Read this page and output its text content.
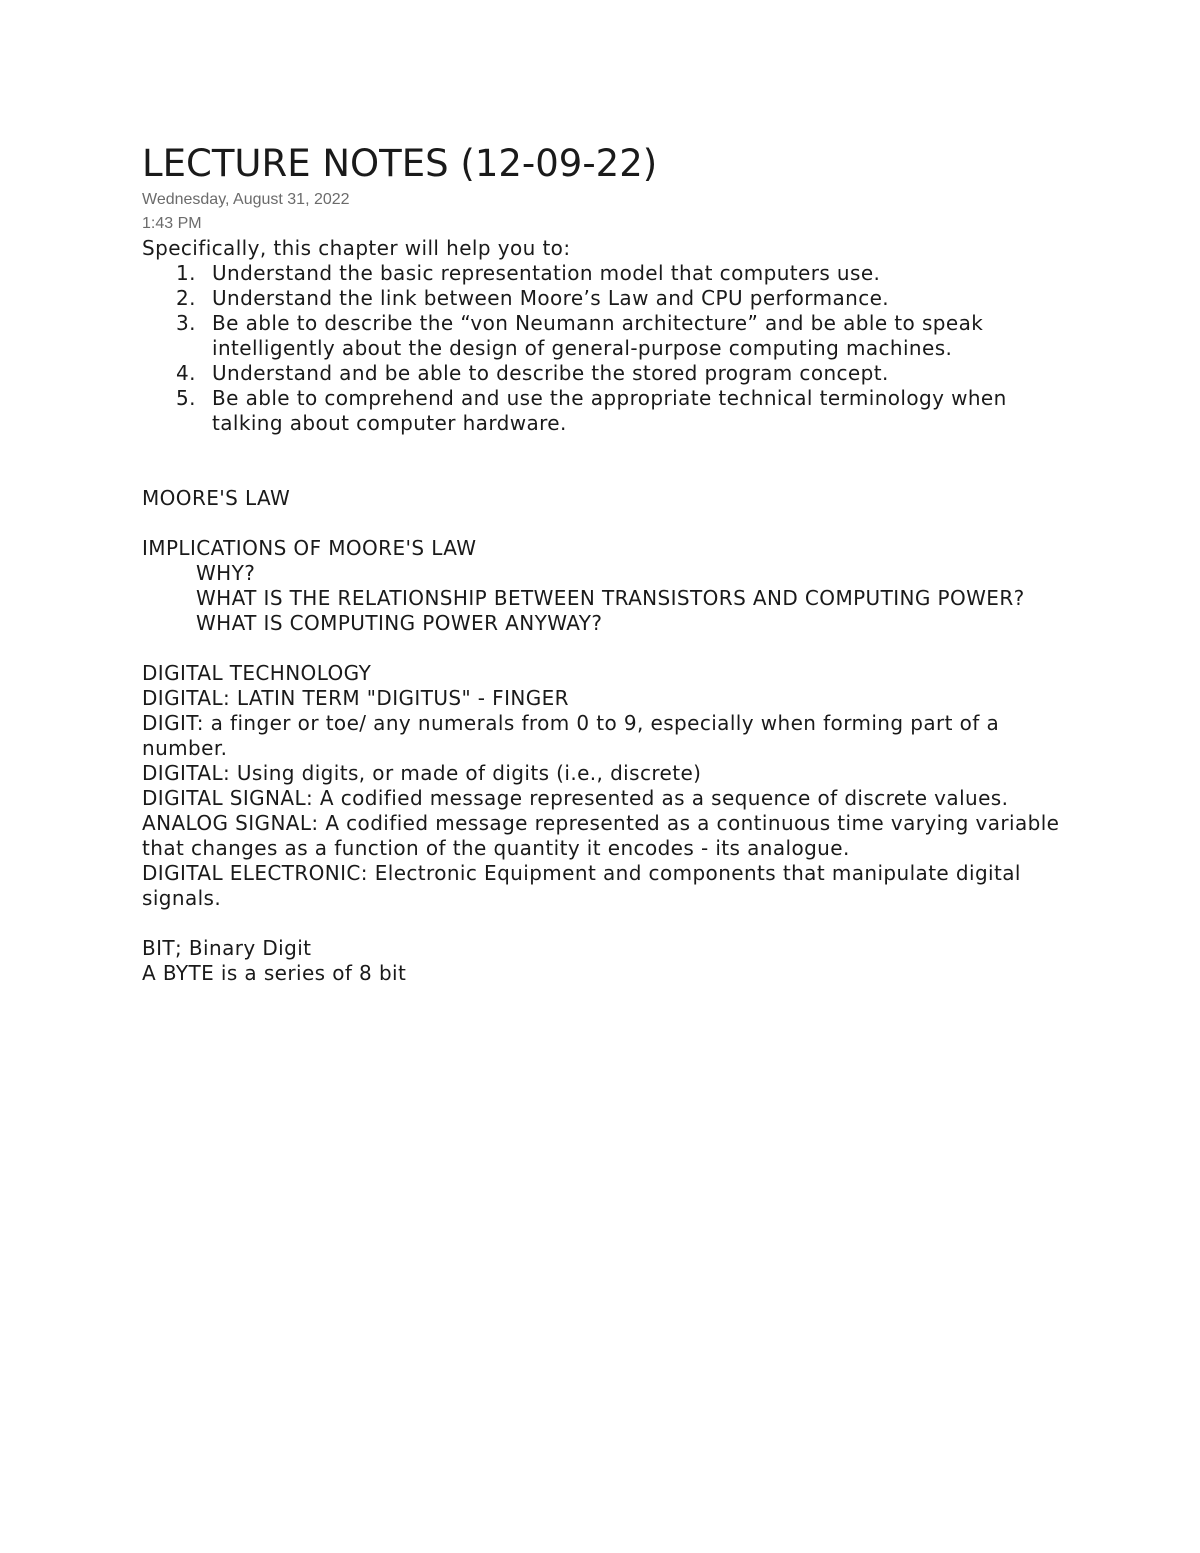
LECTURE NOTES (12-09-22)
Wednesday, August 31, 2022
1:43 PM
Specifically, this chapter will help you to:
1. Understand the basic representation model that computers use.
2. Understand the link between Moore’s Law and CPU performance.
3. Be able to describe the “von Neumann architecture” and be able to speak intelligently about the design of general-purpose computing machines.
4. Understand and be able to describe the stored program concept.
5. Be able to comprehend and use the appropriate technical terminology when talking about computer hardware.
MOORE'S LAW
IMPLICATIONS OF MOORE'S LAW
WHY?
WHAT IS THE RELATIONSHIP BETWEEN TRANSISTORS AND COMPUTING POWER?
WHAT IS COMPUTING POWER ANYWAY?
DIGITAL TECHNOLOGY
DIGITAL: LATIN TERM "DIGITUS" - FINGER
DIGIT: a finger or toe/ any numerals from 0 to 9, especially when forming part of a number.
DIGITAL: Using digits, or made of digits (i.e., discrete)
DIGITAL SIGNAL: A codified message represented as a sequence of discrete values.
ANALOG SIGNAL: A codified message represented as a continuous time varying variable that changes as a function of the quantity it encodes - its analogue.
DIGITAL ELECTRONIC: Electronic Equipment and components that manipulate digital signals.
BIT; Binary Digit
A BYTE is a series of 8 bit
